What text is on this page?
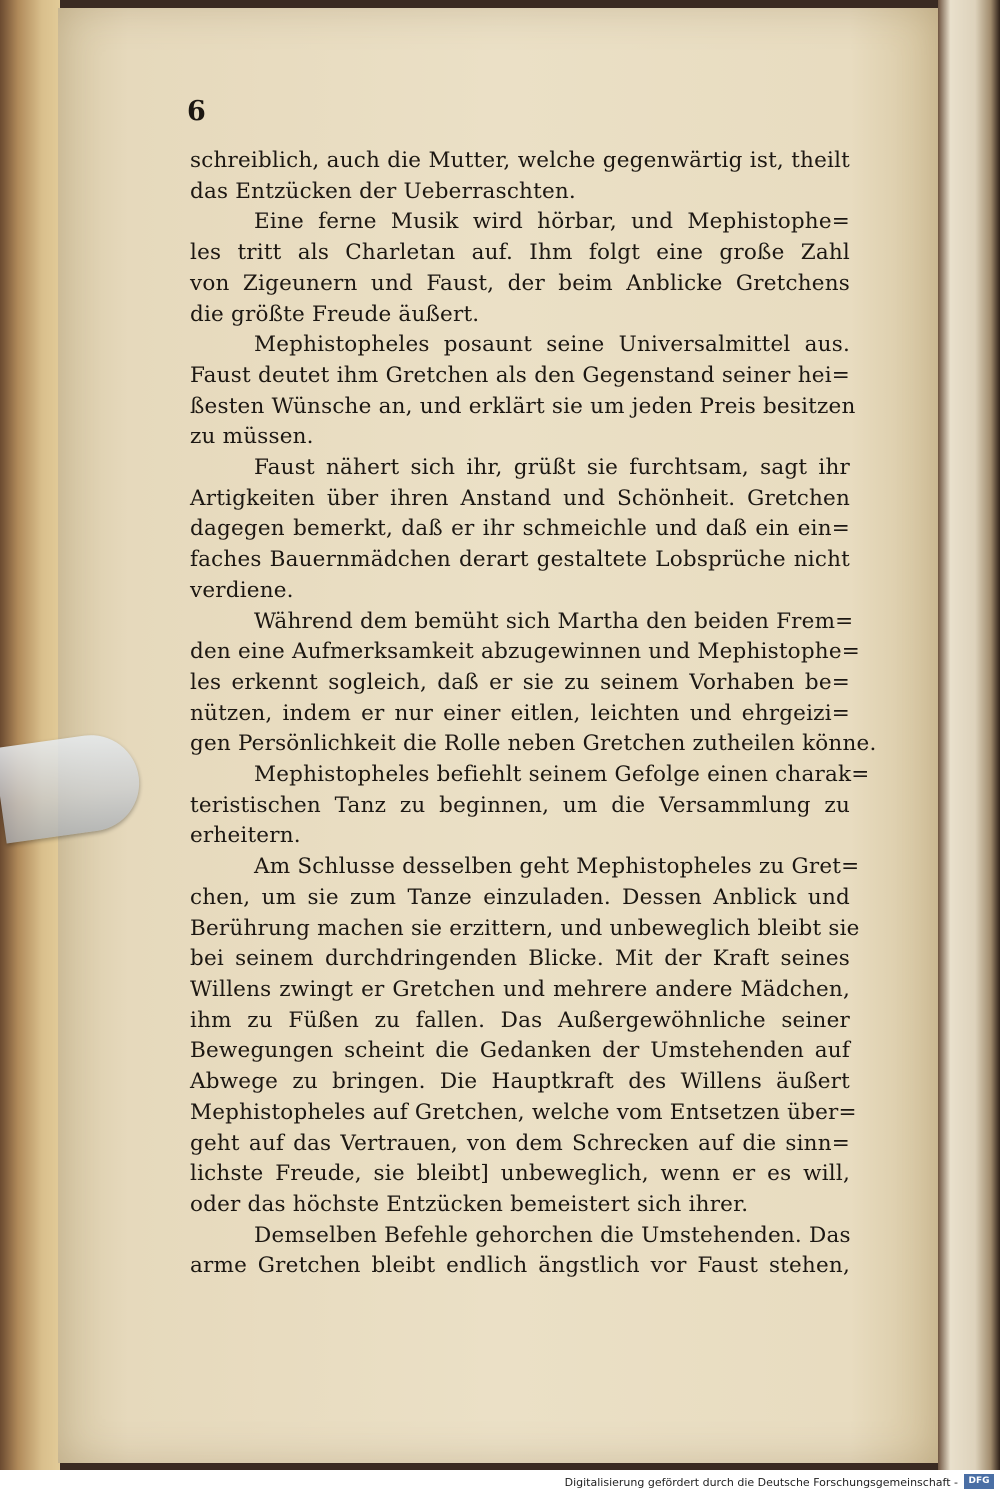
6
schreiblich, auch die Mutter, welche gegenwärtig ist, theilt
das Entzücken der Ueberraschten.
Eine ferne Musik wird hörbar, und Mephistophe=
les tritt als Charletan auf. Ihm folgt eine große Zahl
von Zigeunern und Faust, der beim Anblicke Gretchens
die größte Freude äußert.
Mephistopheles posaunt seine Universalmittel aus.
Faust deutet ihm Gretchen als den Gegenstand seiner hei=
ßesten Wünsche an, und erklärt sie um jeden Preis besitzen
zu müssen.
Faust nähert sich ihr, grüßt sie furchtsam, sagt ihr
Artigkeiten über ihren Anstand und Schönheit. Gretchen
dagegen bemerkt, daß er ihr schmeichle und daß ein ein=
faches Bauernmädchen derart gestaltete Lobsprüche nicht
verdiene.
Während dem bemüht sich Martha den beiden Frem=
den eine Aufmerksamkeit abzugewinnen und Mephistophe=
les erkennt sogleich, daß er sie zu seinem Vorhaben be=
nützen, indem er nur einer eitlen, leichten und ehrgeizi=
gen Persönlichkeit die Rolle neben Gretchen zutheilen könne.
Mephistopheles befiehlt seinem Gefolge einen charak=
teristischen Tanz zu beginnen, um die Versammlung zu
erheitern.
Am Schlusse desselben geht Mephistopheles zu Gret=
chen, um sie zum Tanze einzuladen. Dessen Anblick und
Berührung machen sie erzittern, und unbeweglich bleibt sie
bei seinem durchdringenden Blicke. Mit der Kraft seines
Willens zwingt er Gretchen und mehrere andere Mädchen,
ihm zu Füßen zu fallen. Das Außergewöhnliche seiner
Bewegungen scheint die Gedanken der Umstehenden auf
Abwege zu bringen. Die Hauptkraft des Willens äußert
Mephistopheles auf Gretchen, welche vom Entsetzen über=
geht auf das Vertrauen, von dem Schrecken auf die sinn=
lichste Freude, sie bleibt] unbeweglich, wenn er es will,
oder das höchste Entzücken bemeistert sich ihrer.
Demselben Befehle gehorchen die Umstehenden. Das
arme Gretchen bleibt endlich ängstlich vor Faust stehen,
Digitalisierung gefördert durch die Deutsche Forschungsgemeinschaft -	DFG
